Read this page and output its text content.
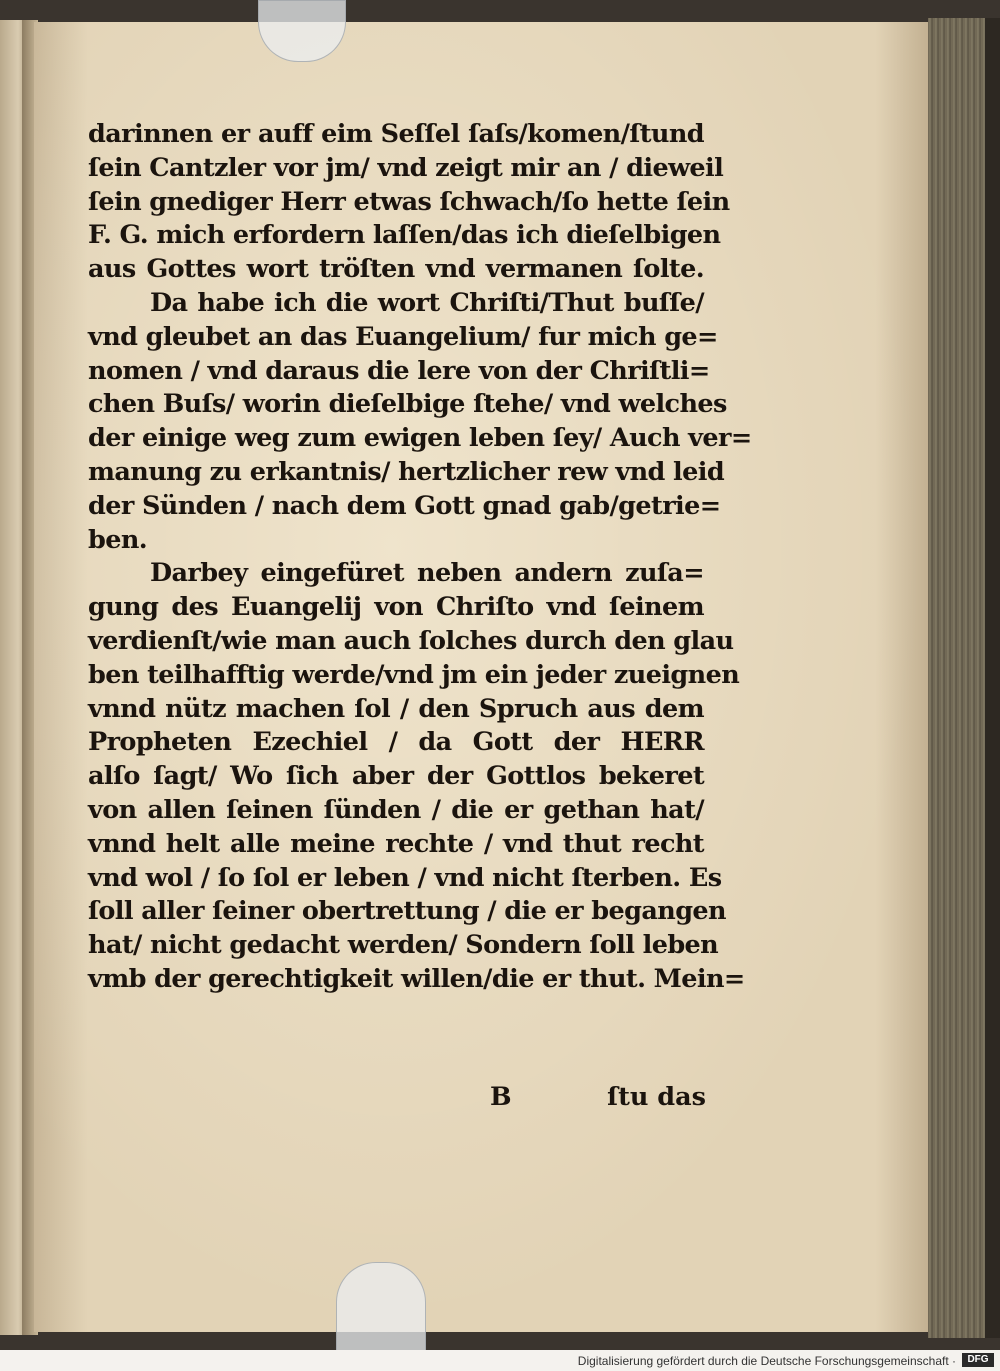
darinnen er auff eim Seſſel ſaſs/komen/ſtund
ſein Cantzler vor jm/ vnd zeigt mir an / dieweil
ſein gnediger Herr etwas ſchwach/ſo hette ſein
F. G. mich erfordern laſſen/das ich dieſelbigen
aus Gottes wort tröſten vnd vermanen ſolte.
Da habe ich die wort Chriſti/Thut buſſe/
vnd gleubet an das Euangelium/ fur mich ge=
nomen / vnd daraus die lere von der Chriſtli=
chen Buſs/ worin dieſelbige ſtehe/ vnd welches
der einige weg zum ewigen leben ſey/ Auch ver=
manung zu erkantnis/ hertzlicher rew vnd leid
der Sünden / nach dem Gott gnad gab/getrie=
ben.
Darbey eingefüret neben andern zuſa=
gung des Euangelij von Chriſto vnd ſeinem
verdienſt/wie man auch ſolches durch den glau
ben teilhafftig werde/vnd jm ein jeder zueignen
vnnd nütz machen ſol / den Spruch aus dem
Propheten Ezechiel / da Gott der HERR
alſo ſagt/ Wo ſich aber der Gottlos bekeret
von allen ſeinen ſünden / die er gethan hat/
vnnd helt alle meine rechte / vnd thut recht
vnd wol / ſo ſol er leben / vnd nicht ſterben. Es
ſoll aller ſeiner obertrettung / die er begangen
hat/ nicht gedacht werden/ Sondern ſoll leben
vmb der gerechtigkeit willen/die er thut. Mein=
B	ſtu das
Digitalisierung gefördert durch die Deutsche Forschungsgemeinschaft ·	DFG
